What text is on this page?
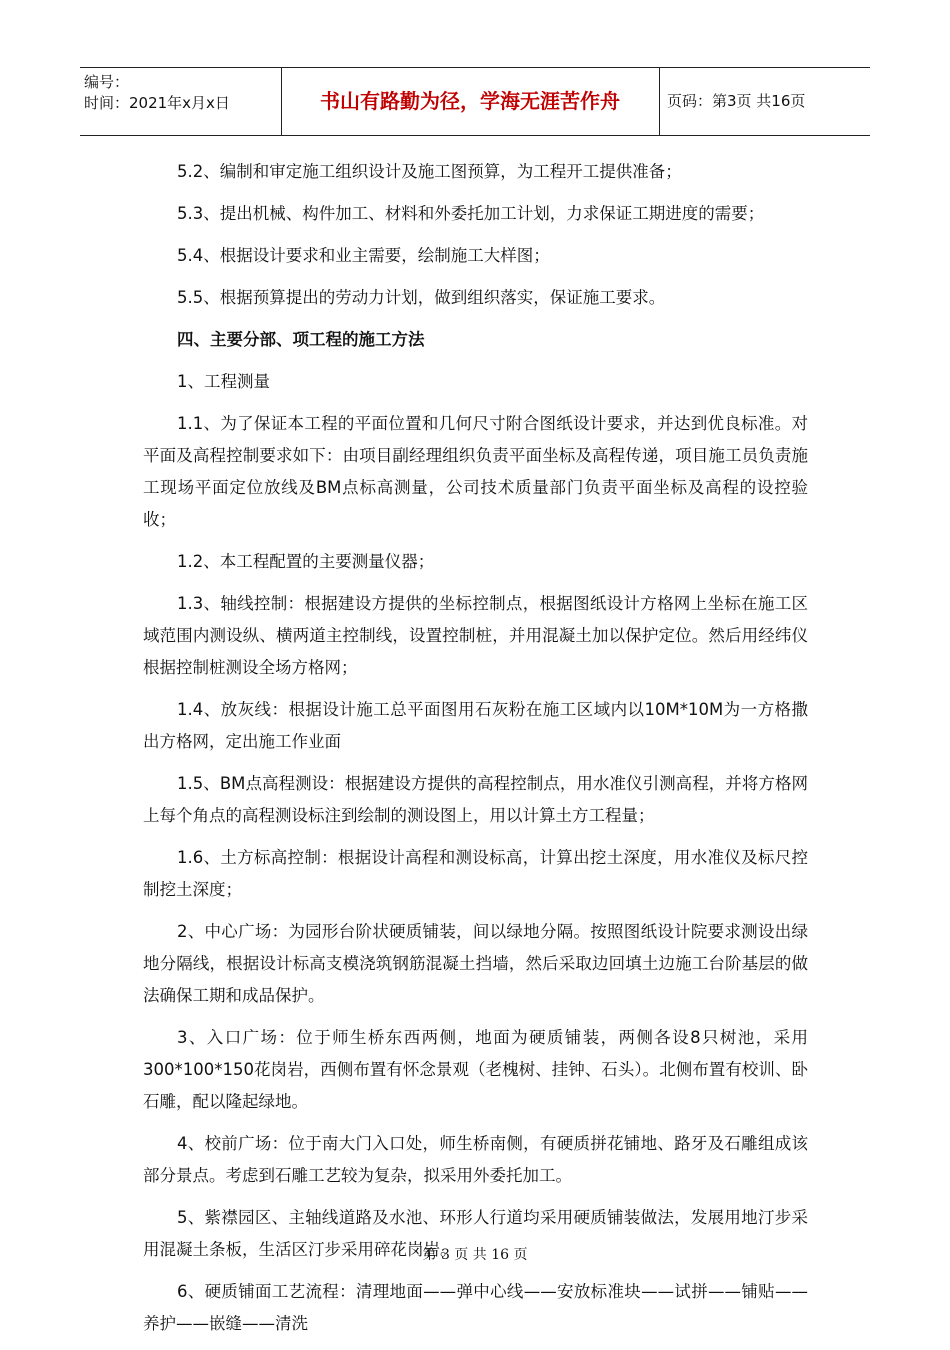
编号：
时间：2021年x月x日	书山有路勤为径，学海无涯苦作舟	页码：第3页 共16页

5.2、编制和审定施工组织设计及施工图预算，为工程开工提供准备；

5.3、提出机械、构件加工、材料和外委托加工计划，力求保证工期进度的需要；

5.4、根据设计要求和业主需要，绘制施工大样图；

5.5、根据预算提出的劳动力计划，做到组织落实，保证施工要求。

四、主要分部、项工程的施工方法

1、工程测量

1.1、为了保证本工程的平面位置和几何尺寸附合图纸设计要求，并达到优良标准。对平面及高程控制要求如下：由项目副经理组织负责平面坐标及高程传递，项目施工员负责施工现场平面定位放线及BM点标高测量，公司技术质量部门负责平面坐标及高程的设控验收；

1.2、本工程配置的主要测量仪器；

1.3、轴线控制：根据建设方提供的坐标控制点，根据图纸设计方格网上坐标在施工区域范围内测设纵、横两道主控制线，设置控制桩，并用混凝土加以保护定位。然后用经纬仪根据控制桩测设全场方格网；

1.4、放灰线：根据设计施工总平面图用石灰粉在施工区域内以10M*10M为一方格撒出方格网，定出施工作业面

1.5、BM点高程测设：根据建设方提供的高程控制点，用水准仪引测高程，并将方格网上每个角点的高程测设标注到绘制的测设图上，用以计算土方工程量；

1.6、土方标高控制：根据设计高程和测设标高，计算出挖土深度，用水准仪及标尺控制挖土深度；

2、中心广场：为园形台阶状硬质铺装，间以绿地分隔。按照图纸设计院要求测设出绿地分隔线，根据设计标高支模浇筑钢筋混凝土挡墙，然后采取边回填土边施工台阶基层的做法确保工期和成品保护。

3、入口广场：位于师生桥东西两侧，地面为硬质铺装，两侧各设8只树池，采用300*100*150花岗岩，西侧布置有怀念景观（老槐树、挂钟、石头）。北侧布置有校训、卧石雕，配以隆起绿地。

4、校前广场：位于南大门入口处，师生桥南侧，有硬质拼花铺地、路牙及石雕组成该部分景点。考虑到石雕工艺较为复杂，拟采用外委托加工。

5、紫襟园区、主轴线道路及水池、环形人行道均采用硬质铺装做法，发展用地汀步采用混凝土条板，生活区汀步采用碎花岗岩。

6、硬质铺面工艺流程：清理地面——弹中心线——安放标准块——试拼——铺贴——养护——嵌缝——清洗

第 3 页 共 16 页
